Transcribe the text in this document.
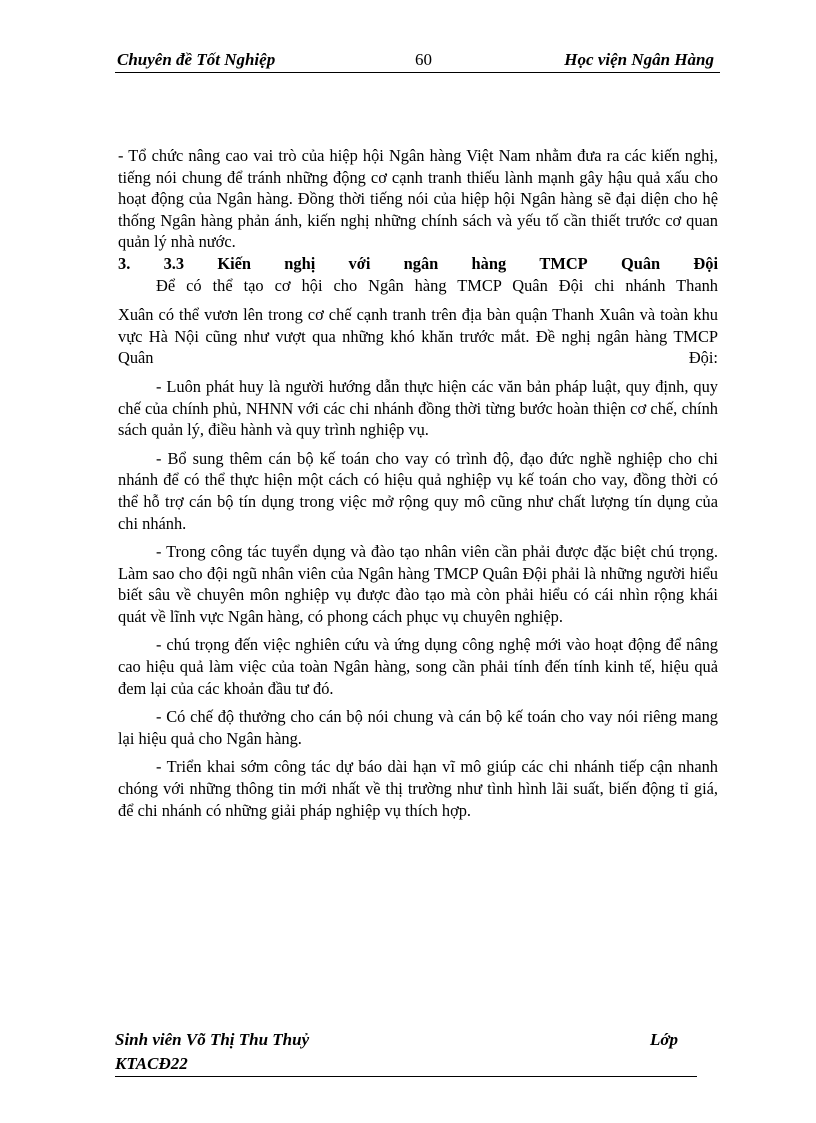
Chuyên đề Tốt Nghiệp	60	Học viện Ngân Hàng

- Tổ chức nâng cao vai trò của hiệp hội Ngân hàng Việt Nam nhằm đưa ra các kiến nghị, tiếng nói chung để tránh những động cơ cạnh tranh thiếu lành mạnh gây hậu quả xấu cho hoạt động của Ngân hàng. Đồng thời tiếng nói của hiệp hội Ngân hàng sẽ đại diện cho hệ thống Ngân hàng phản ánh, kiến nghị những chính sách và yếu tố cần thiết trước cơ quan quản lý nhà nước.

3. 3.3 Kiến nghị với ngân hàng TMCP Quân Đội

Để có thể tạo cơ hội cho Ngân hàng TMCP Quân Đội chi nhánh Thanh

Xuân có thể vươn lên trong cơ chế cạnh tranh trên địa bàn quận Thanh Xuân và toàn khu vực Hà Nội cũng như vượt qua những khó khăn trước mắt. Đề nghị ngân hàng TMCP Quân Đội:

- Luôn phát huy là người hướng dẫn thực hiện các văn bản pháp luật, quy định, quy chế của chính phủ, NHNN với các chi nhánh đồng thời từng bước hoàn thiện cơ chế, chính sách quản lý, điều hành và quy trình nghiệp vụ.

- Bổ sung thêm cán bộ kế toán cho vay có trình độ, đạo đức nghề nghiệp cho chi nhánh để có thể thực hiện một cách có hiệu quả nghiệp vụ kế toán cho vay, đồng thời có thể hỗ trợ cán bộ tín dụng trong việc mở rộng quy mô cũng như chất lượng tín dụng của chi nhánh.

- Trong công tác tuyển dụng và đào tạo nhân viên cần phải được đặc biệt chú trọng. Làm sao cho đội ngũ nhân viên của Ngân hàng TMCP Quân Đội phải là những người hiểu biết sâu về chuyên môn nghiệp vụ được đào tạo mà còn phải hiểu có cái nhìn rộng khái quát về lĩnh vực Ngân hàng, có phong cách phục vụ chuyên nghiệp.

- chú trọng đến việc nghiên cứu và ứng dụng công nghệ mới vào hoạt động để nâng cao hiệu quả làm việc của toàn Ngân hàng, song cần phải tính đến tính kinh tế, hiệu quả đem lại của các khoản đầu tư đó.

- Có chế độ thưởng cho cán bộ nói chung và cán bộ kế toán cho vay nói riêng mang lại hiệu quả cho Ngân hàng.

- Triển khai sớm công tác dự báo dài hạn vĩ mô giúp các chi nhánh tiếp cận nhanh chóng với những thông tin mới nhất về thị trường như tình hình lãi suất, biến động tỉ giá, để chi nhánh có những giải pháp nghiệp vụ thích hợp.

Sinh viên Võ Thị Thu Thuỷ	Lớp
KTACĐ22
